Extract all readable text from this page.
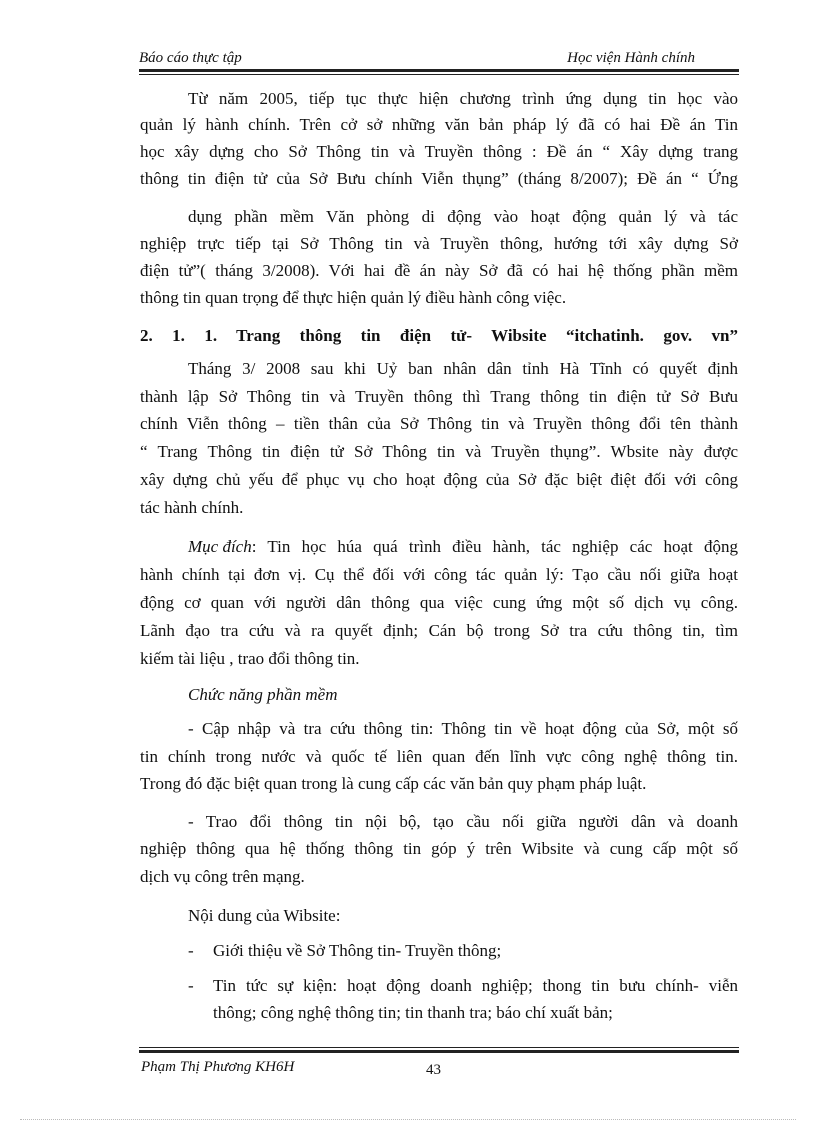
Báo cáo thực tập	Học viện Hành chính
Từ năm 2005, tiếp tục thực hiện chương trình ứng dụng tin học vào
quản lý hành chính. Trên cở sở những văn bản pháp lý đã có hai Đề án Tin
học xây dựng cho Sở Thông tin và Truyền thông : Đề án “ Xây dựng trang
thông tin điện tử của Sở Bưu chính Viễn thụng” (tháng 8/2007); Đề án “ Ứng
dụng phần mềm Văn phòng di động vào hoạt động quản lý và tác
nghiệp trực tiếp tại Sở Thông tin và Truyền thông, hướng tới xây dựng Sở
điện tử”( tháng 3/2008). Với hai đề án này Sở đã có hai hệ thống phần mềm
thông tin quan trọng để thực hiện quản lý điều hành công việc.
2. 1. 1. Trang thông tin điện tử- Wibsite “itchatinh. gov. vn”
Tháng 3/ 2008 sau khi Uỷ ban nhân dân tỉnh Hà Tĩnh có quyết định
thành lập Sở Thông tin và Truyền thông thì Trang thông tin điện tử Sở Bưu
chính Viễn thông – tiền thân của Sở Thông tin và Truyền thông đổi tên thành
“ Trang Thông tin điện tử Sở Thông tin và Truyền thụng”. Wbsite này được
xây dựng chủ yếu để phục vụ cho hoạt động của Sở đặc biệt điệt đối với công
tác hành chính.
Mục đích : Tin học húa quá trình điều hành, tác nghiệp các hoạt động
hành chính tại đơn vị. Cụ thể đối với công tác quản lý: Tạo cầu nối giữa hoạt
động cơ quan với người dân thông qua việc cung ứng một số dịch vụ công.
Lãnh đạo tra cứu và ra quyết định; Cán bộ trong Sở tra cứu thông tin, tìm
kiếm tài liệu , trao đổi thông tin.
Chức năng phần mềm
- Cập nhập và tra cứu thông tin: Thông tin về hoạt động của Sở, một số
tin chính trong nước và quốc tế liên quan đến lĩnh vực công nghệ thông tin.
Trong đó đặc biệt quan trong là cung cấp các văn bản quy phạm pháp luật.
- Trao đổi thông tin nội bộ, tạo cầu nối giữa người dân và doanh
nghiệp thông qua hệ thống thông tin góp ý trên Wibsite và cung cấp một số
dịch vụ công trên mạng.
Nội dung của Wibsite:
- Giới thiệu về Sở Thông tin- Truyền thông;
- Tin tức sự kiện: hoạt động doanh nghiệp; thong tin bưu chính- viễn
thông; công nghệ thông tin; tin thanh tra; báo chí xuất bản;
Phạm Thị Phương KH6H	43
